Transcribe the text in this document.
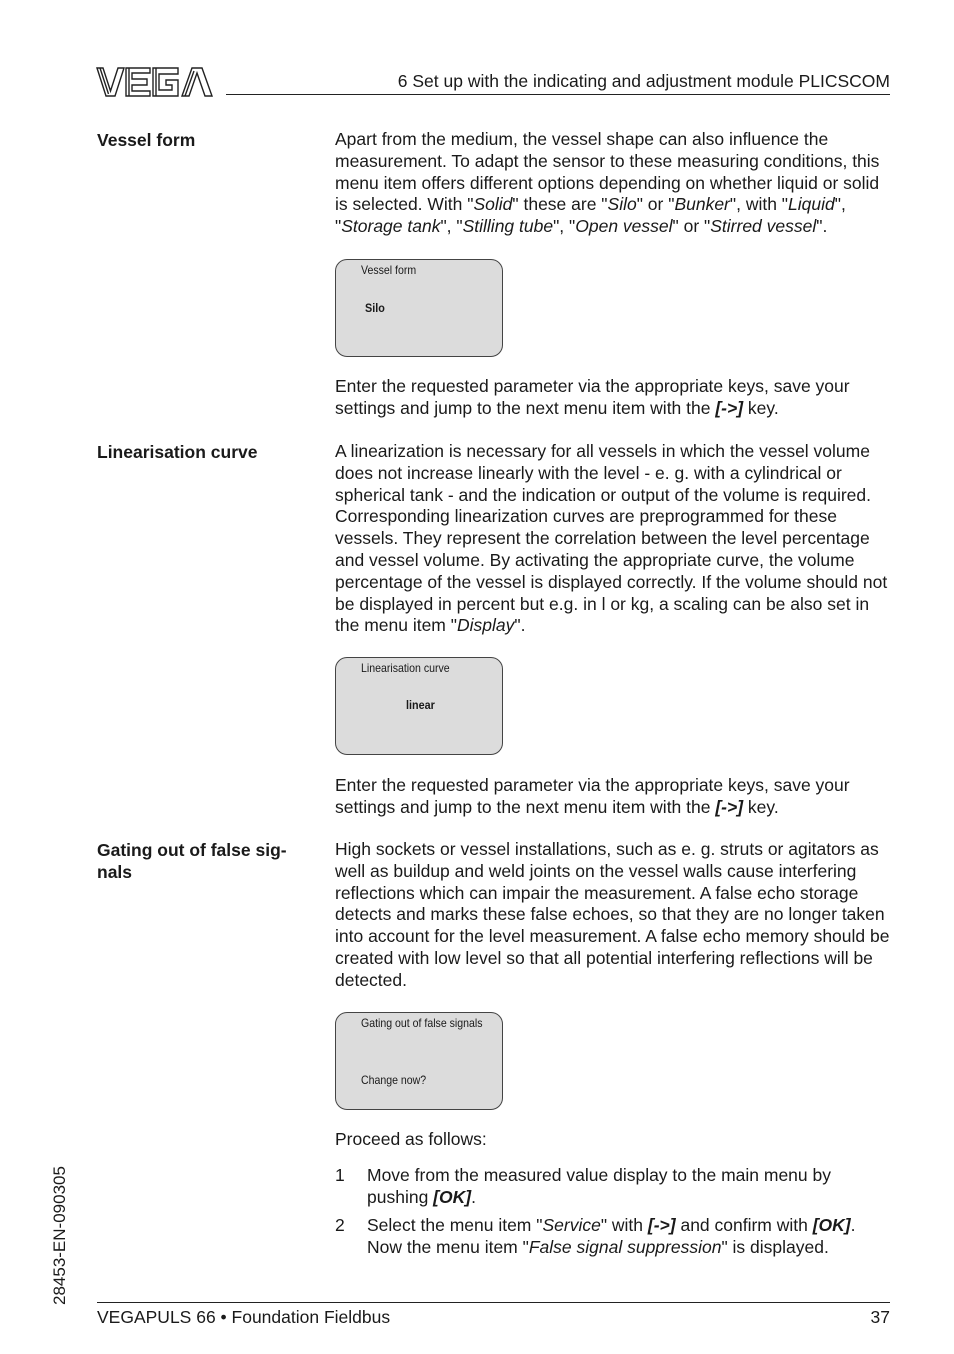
6 Set up with the indicating and adjustment module PLICSCOM
Vessel form	Apart from the medium, the vessel shape can also influence the measurement. To adapt the sensor to these measuring conditions, this menu item offers different options depending on whether liquid or solid is selected. With "Solid" these are "Silo" or "Bunker", with "Liquid", "Storage tank", "Stilling tube", "Open vessel" or "Stirred vessel".
Vessel form
Silo
Enter the requested parameter via the appropriate keys, save your settings and jump to the next menu item with the [->] key.
Linearisation curve	A linearization is necessary for all vessels in which the vessel volume does not increase linearly with the level - e. g. with a cylindrical or spherical tank - and the indication or output of the volume is required. Corresponding linearization curves are preprogrammed for these vessels. They represent the correlation between the level percentage and vessel volume. By activating the appropriate curve, the volume percentage of the vessel is displayed correctly. If the volume should not be displayed in percent but e.g. in l or kg, a scaling can be also set in the menu item "Display".
Linearisation curve
linear
Enter the requested parameter via the appropriate keys, save your settings and jump to the next menu item with the [->] key.
Gating out of false sig-nals
High sockets or vessel installations, such as e. g. struts or agitators as well as buildup and weld joints on the vessel walls cause interfering reflections which can impair the measurement. A false echo storage detects and marks these false echoes, so that they are no longer taken into account for the level measurement. A false echo memory should be created with low level so that all potential interfering reflections will be detected.
Gating out of false signals
Change now?
Proceed as follows:
1 Move from the measured value display to the main menu by pushing [OK].
2 Select the menu item "Service" with [->] and confirm with [OK]. Now the menu item "False signal suppression" is displayed.
28453-EN-090305
VEGAPULS 66 • Foundation Fieldbus	37
